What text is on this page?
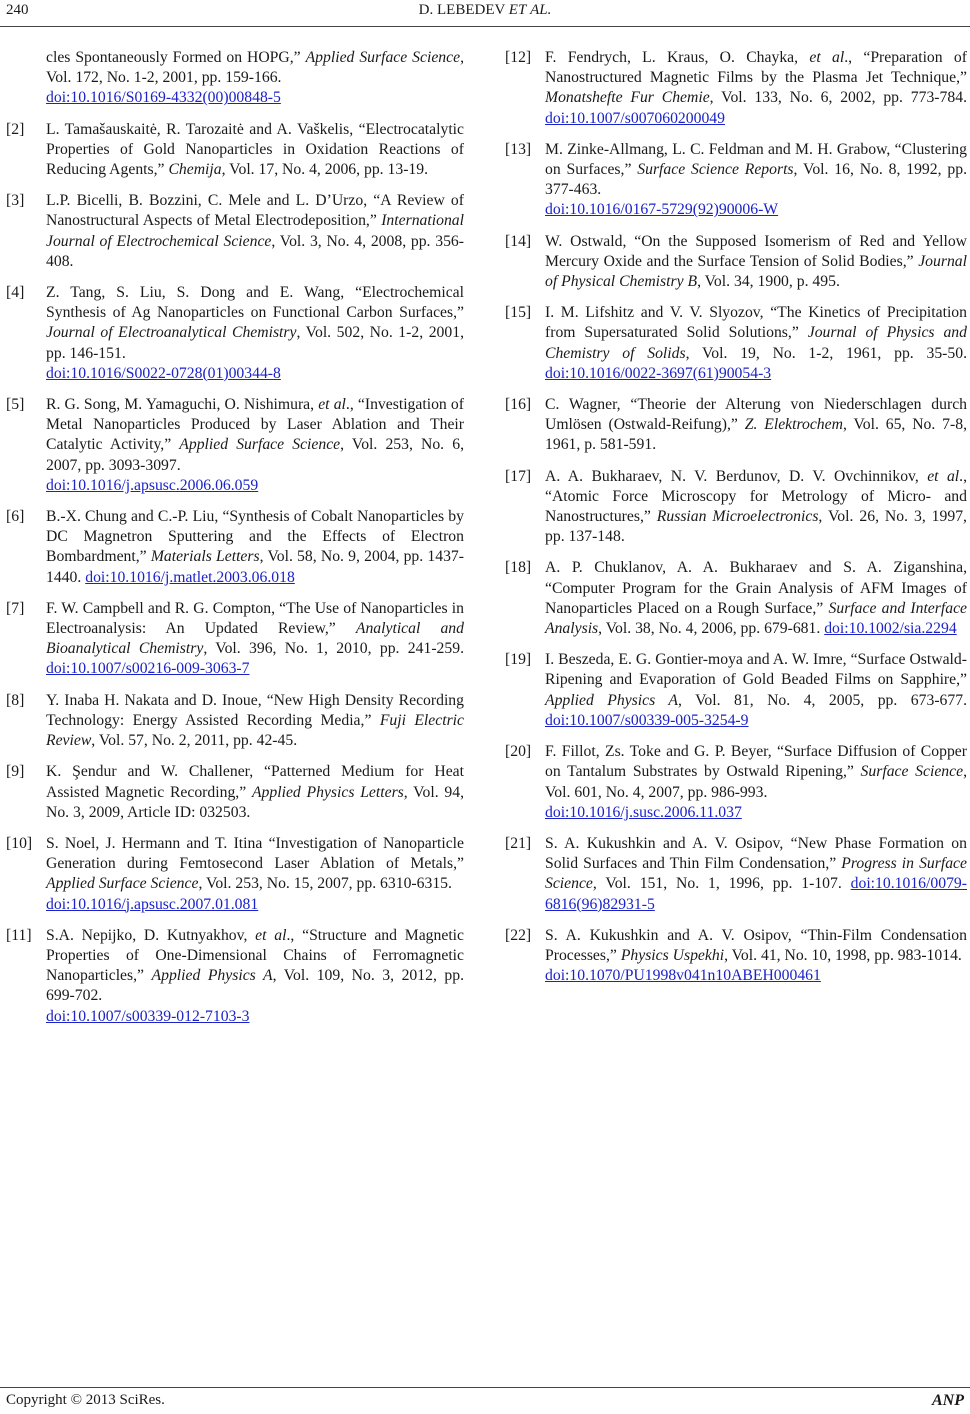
240	D. LEBEDEV ET AL.
cles Spontaneously Formed on HOPG,” Applied Surface Science, Vol. 172, No. 1-2, 2001, pp. 159-166.
doi:10.1016/S0169-4332(00)00848-5
[2] L. Tamašauskaitė, R. Tarozaitė and A. Vaškelis, “Electrocatalytic Properties of Gold Nanoparticles in Oxidation Reactions of Reducing Agents,” Chemija, Vol. 17, No. 4, 2006, pp. 13-19.
[3] L.P. Bicelli, B. Bozzini, C. Mele and L. D’Urzo, “A Review of Nanostructural Aspects of Metal Electrodeposition,” International Journal of Electrochemical Science, Vol. 3, No. 4, 2008, pp. 356-408.
[4] Z. Tang, S. Liu, S. Dong and E. Wang, “Electrochemical Synthesis of Ag Nanoparticles on Functional Carbon Surfaces,” Journal of Electroanalytical Chemistry, Vol. 502, No. 1-2, 2001, pp. 146-151.
doi:10.1016/S0022-0728(01)00344-8
[5] R. G. Song, M. Yamaguchi, O. Nishimura, et al., “Investigation of Metal Nanoparticles Produced by Laser Ablation and Their Catalytic Activity,” Applied Surface Science, Vol. 253, No. 6, 2007, pp. 3093-3097.
doi:10.1016/j.apsusc.2006.06.059
[6] B.-X. Chung and C.-P. Liu, “Synthesis of Cobalt Nanoparticles by DC Magnetron Sputtering and the Effects of Electron Bombardment,” Materials Letters, Vol. 58, No. 9, 2004, pp. 1437-1440. doi:10.1016/j.matlet.2003.06.018
[7] F. W. Campbell and R. G. Compton, “The Use of Nanoparticles in Electroanalysis: An Updated Review,” Analytical and Bioanalytical Chemistry, Vol. 396, No. 1, 2010, pp. 241-259. doi:10.1007/s00216-009-3063-7
[8] Y. Inaba H. Nakata and D. Inoue, “New High Density Recording Technology: Energy Assisted Recording Media,” Fuji Electric Review, Vol. 57, No. 2, 2011, pp. 42-45.
[9] K. Şendur and W. Challener, “Patterned Medium for Heat Assisted Magnetic Recording,” Applied Physics Letters, Vol. 94, No. 3, 2009, Article ID: 032503.
[10] S. Noel, J. Hermann and T. Itina “Investigation of Nanoparticle Generation during Femtosecond Laser Ablation of Metals,” Applied Surface Science, Vol. 253, No. 15, 2007, pp. 6310-6315.
doi:10.1016/j.apsusc.2007.01.081
[11] S.A. Nepijko, D. Kutnyakhov, et al., “Structure and Magnetic Properties of One-Dimensional Chains of Ferromagnetic Nanoparticles,” Applied Physics A, Vol. 109, No. 3, 2012, pp. 699-702.
doi:10.1007/s00339-012-7103-3
[12] F. Fendrych, L. Kraus, O. Chayka, et al., “Preparation of Nanostructured Magnetic Films by the Plasma Jet Technique,” Monatshefte Fur Chemie, Vol. 133, No. 6, 2002, pp. 773-784. doi:10.1007/s007060200049
[13] M. Zinke-Allmang, L. C. Feldman and M. H. Grabow, “Clustering on Surfaces,” Surface Science Reports, Vol. 16, No. 8, 1992, pp. 377-463.
doi:10.1016/0167-5729(92)90006-W
[14] W. Ostwald, “On the Supposed Isomerism of Red and Yellow Mercury Oxide and the Surface Tension of Solid Bodies,” Journal of Physical Chemistry B, Vol. 34, 1900, p. 495.
[15] I. M. Lifshitz and V. V. Slyozov, “The Kinetics of Precipitation from Supersaturated Solid Solutions,” Journal of Physics and Chemistry of Solids, Vol. 19, No. 1-2, 1961, pp. 35-50. doi:10.1016/0022-3697(61)90054-3
[16] C. Wagner, “Theorie der Alterung von Niederschlagen durch Umlösen (Ostwald-Reifung),” Z. Elektrochem, Vol. 65, No. 7-8, 1961, p. 581-591.
[17] A. A. Bukharaev, N. V. Berdunov, D. V. Ovchinnikov, et al., “Atomic Force Microscopy for Metrology of Micro- and Nanostructures,” Russian Microelectronics, Vol. 26, No. 3, 1997, pp. 137-148.
[18] A. P. Chuklanov, A. A. Bukharaev and S. A. Ziganshina, “Computer Program for the Grain Analysis of AFM Images of Nanoparticles Placed on a Rough Surface,” Surface and Interface Analysis, Vol. 38, No. 4, 2006, pp. 679-681. doi:10.1002/sia.2294
[19] I. Beszeda, E. G. Gontier-moya and A. W. Imre, “Surface Ostwald-Ripening and Evaporation of Gold Beaded Films on Sapphire,” Applied Physics A, Vol. 81, No. 4, 2005, pp. 673-677. doi:10.1007/s00339-005-3254-9
[20] F. Fillot, Zs. Toke and G. P. Beyer, “Surface Diffusion of Copper on Tantalum Substrates by Ostwald Ripening,” Surface Science, Vol. 601, No. 4, 2007, pp. 986-993.
doi:10.1016/j.susc.2006.11.037
[21] S. A. Kukushkin and A. V. Osipov, “New Phase Formation on Solid Surfaces and Thin Film Condensation,” Progress in Surface Science, Vol. 151, No. 1, 1996, pp. 1-107. doi:10.1016/0079-6816(96)82931-5
[22] S. A. Kukushkin and A. V. Osipov, “Thin-Film Condensation Processes,” Physics Uspekhi, Vol. 41, No. 10, 1998, pp. 983-1014.
doi:10.1070/PU1998v041n10ABEH000461
Copyright © 2013 SciRes.	ANP
